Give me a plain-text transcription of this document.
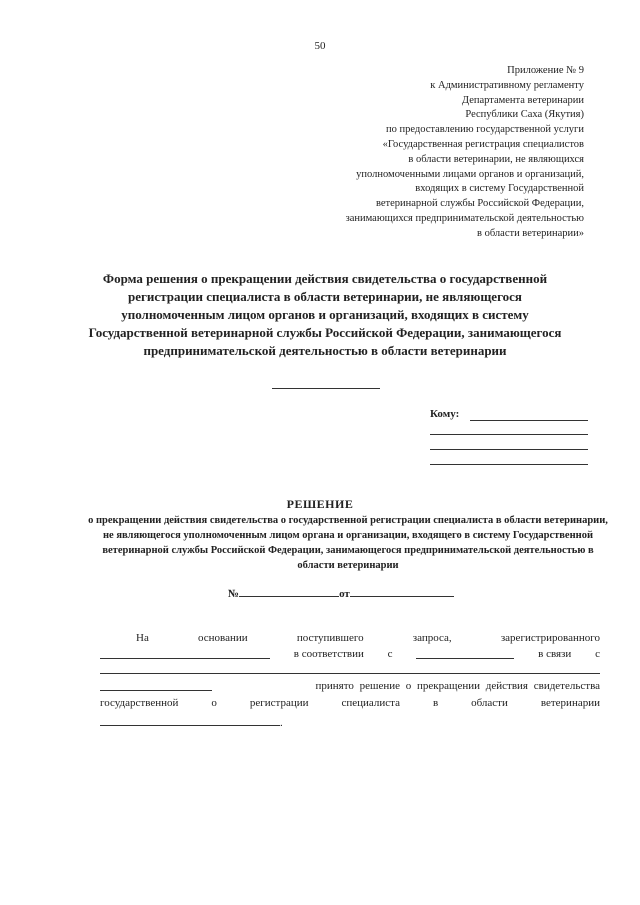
50
Приложение № 9
к Административному регламенту
Департамента ветеринарии
Республики Саха (Якутия)
по предоставлению государственной услуги
«Государственная регистрация специалистов
в области ветеринарии, не являющихся
уполномоченными лицами органов и организаций,
входящих в систему Государственной
ветеринарной службы Российской Федерации,
занимающихся предпринимательской деятельностью
в области ветеринарии»
Форма решения о прекращении действия свидетельства о государственной регистрации специалиста в области ветеринарии, не являющегося уполномоченным лицом органов и организаций, входящих в систему Государственной ветеринарной службы Российской Федерации, занимающегося предпринимательской деятельностью в области ветеринарии
Кому:
РЕШЕНИЕ
о прекращении действия свидетельства о государственной регистрации специалиста в области ветеринарии, не являющегося уполномоченным лицом органа и организации, входящего в систему Государственной ветеринарной службы Российской Федерации, занимающегося предпринимательской деятельностью в области ветеринарии
№	от
На	основании	поступившего	запроса,	зарегистрированного
в соответствии с	в связи с
принято решение о прекращении действия свидетельства
государственной	о	регистрации	специалиста	в	области	ветеринарии
.
